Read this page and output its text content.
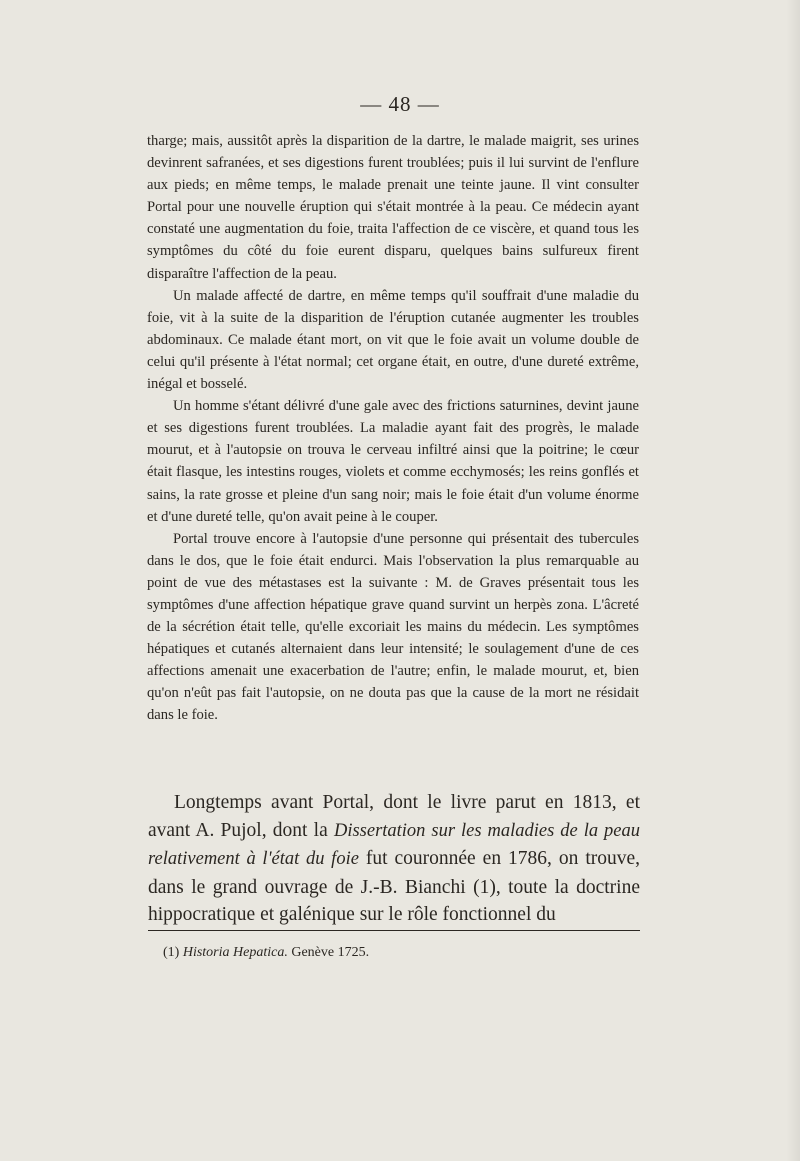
— 48 —

tharge; mais, aussitôt après la disparition de la dartre, le malade maigrit, ses urines devinrent safranées, et ses digestions furent troublées; puis il lui survint de l'enflure aux pieds; en même temps, le malade prenait une teinte jaune. Il vint consulter Portal pour une nouvelle éruption qui s'était montrée à la peau. Ce médecin ayant constaté une augmentation du foie, traita l'affection de ce viscère, et quand tous les symptômes du côté du foie eurent disparu, quelques bains sulfureux firent disparaître l'affection de la peau.

Un malade affecté de dartre, en même temps qu'il souffrait d'une maladie du foie, vit à la suite de la disparition de l'éruption cutanée augmenter les troubles abdominaux. Ce malade étant mort, on vit que le foie avait un volume double de celui qu'il présente à l'état normal; cet organe était, en outre, d'une dureté extrême, inégal et bosselé.

Un homme s'étant délivré d'une gale avec des frictions saturnines, devint jaune et ses digestions furent troublées. La maladie ayant fait des progrès, le malade mourut, et à l'autopsie on trouva le cerveau infiltré ainsi que la poitrine; le cœur était flasque, les intestins rouges, violets et comme ecchymosés; les reins gonflés et sains, la rate grosse et pleine d'un sang noir; mais le foie était d'un volume énorme et d'une dureté telle, qu'on avait peine à le couper.

Portal trouve encore à l'autopsie d'une personne qui présentait des tubercules dans le dos, que le foie était endurci. Mais l'observation la plus remarquable au point de vue des métastases est la suivante : M. de Graves présentait tous les symptômes d'une affection hépatique grave quand survint un herpès zona. L'âcreté de la sécrétion était telle, qu'elle excoriait les mains du médecin. Les symptômes hépatiques et cutanés alternaient dans leur intensité; le soulagement d'une de ces affections amenait une exacerbation de l'autre; enfin, le malade mourut, et, bien qu'on n'eût pas fait l'autopsie, on ne douta pas que la cause de la mort ne résidait dans le foie.

Longtemps avant Portal, dont le livre parut en 1813, et avant A. Pujol, dont la Dissertation sur les maladies de la peau relativement à l'état du foie fut couronnée en 1786, on trouve, dans le grand ouvrage de J.-B. Bianchi (1), toute la doctrine hippocratique et galénique sur le rôle fonctionnel du

(1) Historia Hepatica. Genève 1725.
